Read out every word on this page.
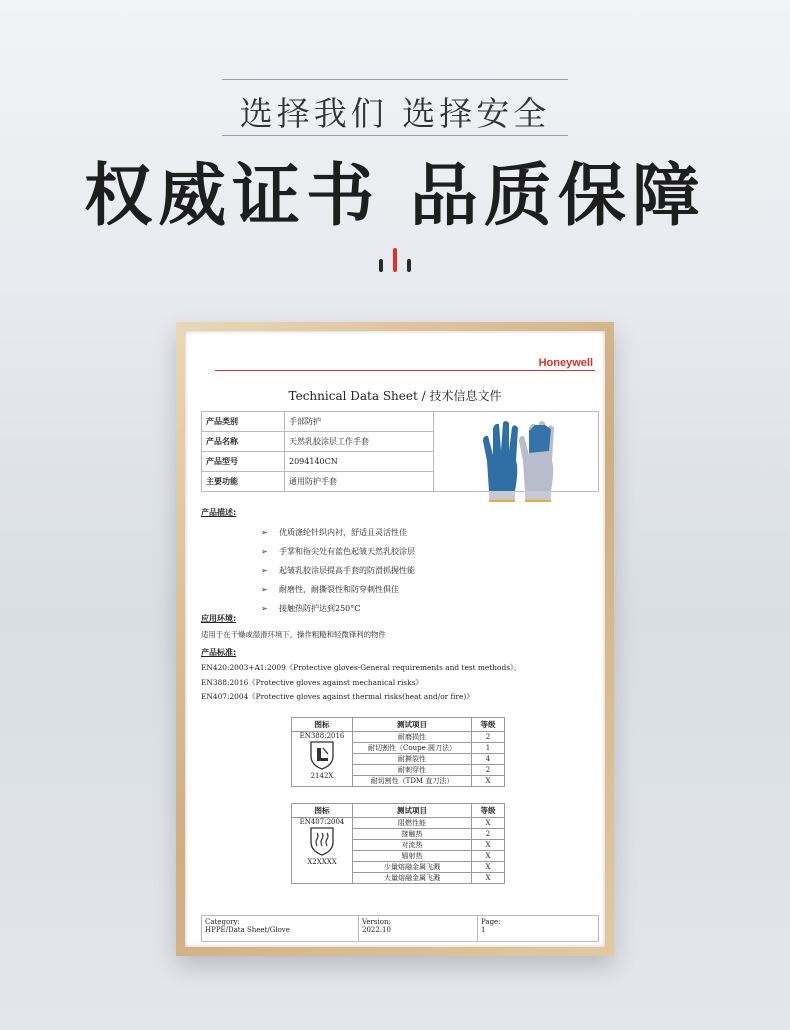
选择我们 选择安全
权威证书 品质保障
Honeywell
Technical Data Sheet / 技术信息文件
产品类别	手部防护	
产品名称	天然乳胶涂层工作手套	
产品型号	2094140CN	
主要功能	通用防护手套	
产品描述:
➢ 优质涤纶针织内衬，舒适且灵活性佳
➢ 手掌和指尖处有蓝色起皱天然乳胶涂层
➢ 起皱乳胶涂层提高手套的防滑抓握性能
➢ 耐磨性，耐撕裂性和防穿刺性俱佳
➢ 接触热防护达到250°C
应用环境:
适用于在干燥或湿滑环境下，操作粗糙和轻微锋利的物件
产品标准:
EN420:2003+A1:2009《Protective gloves-General requirements and test methods》、
EN388:2016《Protective gloves against mechanical risks》
EN407:2004《Protective gloves against thermal risks(heat and/or fire)》
图标	测试项目	等级

EN388:2016
2142X	耐磨损性	2
	耐切割性（Coupe 圆刀法）	1
	耐撕裂性	4
	耐刺穿性	2
	耐切割性（TDM 直刀法）	X
图标	测试项目	等级

EN407:2004
X2XXXX	阻燃性能	X
	接触热	2
	对流热	X
	辐射热	X
	少量熔融金属飞溅	X
	大量熔融金属飞溅	X
Category:
HPPE/Data Sheet/Glove

Version:
2022.10

Page:
1
